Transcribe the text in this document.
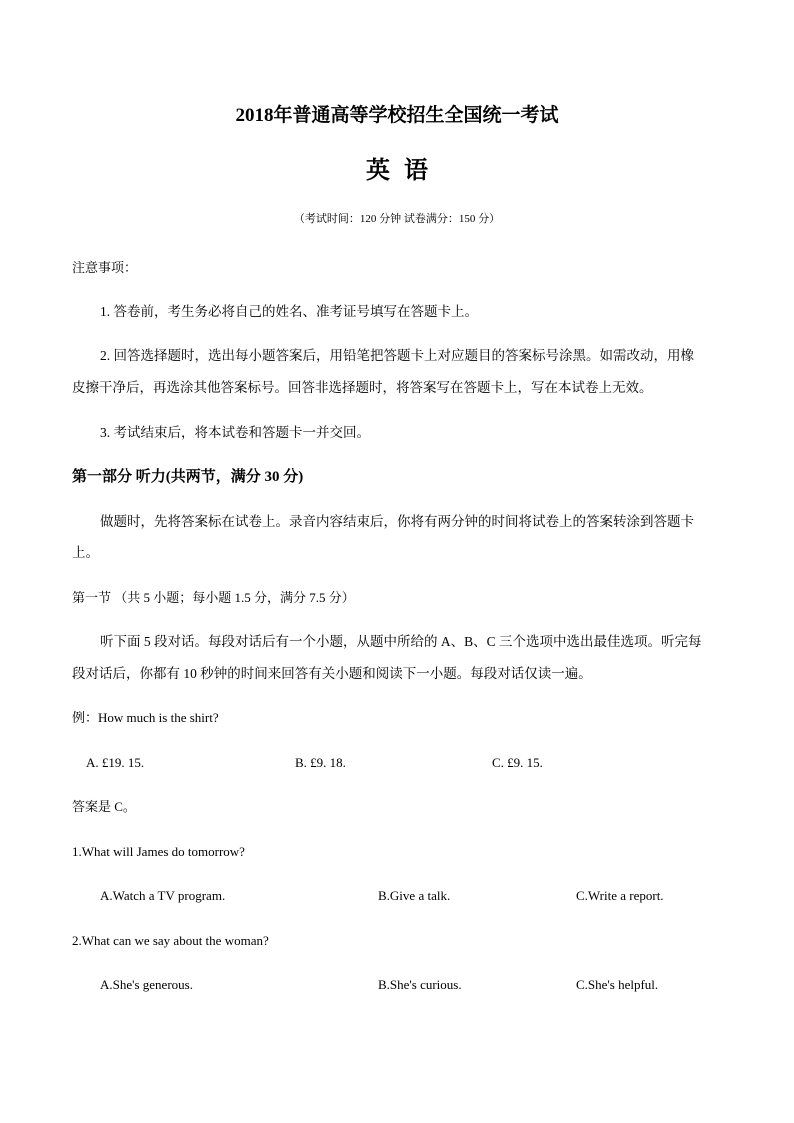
2018年普通高等学校招生全国统一考试
英语
（考试时间：120 分钟 试卷满分：150 分）
注意事项：
1. 答卷前，考生务必将自己的姓名、准考证号填写在答题卡上。
2. 回答选择题时，选出每小题答案后，用铅笔把答题卡上对应题目的答案标号涂黑。如需改动，用橡
皮擦干净后，再选涂其他答案标号。回答非选择题时，将答案写在答题卡上，写在本试卷上无效。
3. 考试结束后，将本试卷和答题卡一并交回。
第一部分 听力(共两节，满分 30 分)
做题时，先将答案标在试卷上。录音内容结束后，你将有两分钟的时间将试卷上的答案转涂到答题卡
上。
第一节 （共 5 小题；每小题 1.5 分，满分 7.5 分）
听下面 5 段对话。每段对话后有一个小题，从题中所给的 A、B、C 三个选项中选出最佳选项。听完每
段对话后，你都有 10 秒钟的时间来回答有关小题和阅读下一小题。每段对话仅读一遍。
例：How much is the shirt?
A. £19. 15.	B. £9. 18.	C. £9. 15.
答案是 C。
1.What will James do tomorrow?
A.Watch a TV program.	B.Give a talk.	C.Write a report.
2.What can we say about the woman?
A.She's generous.	B.She's curious.	C.She's helpful.
